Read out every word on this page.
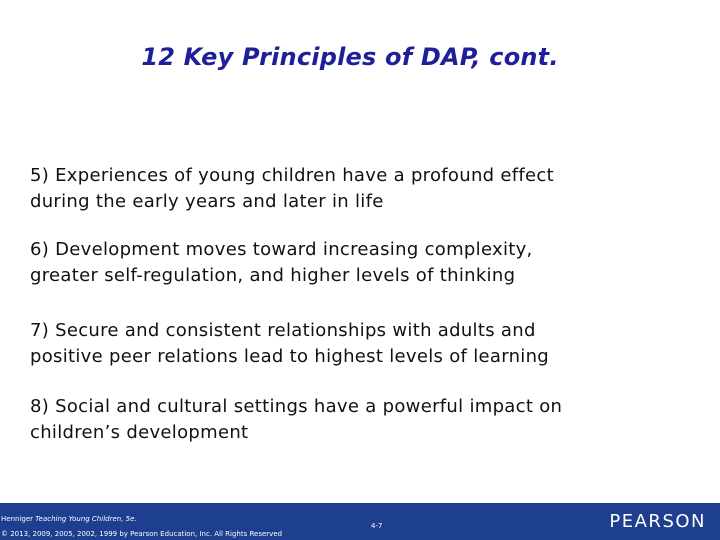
12 Key Principles of DAP, cont.
5) Experiences of young children have a profound effect
during the early years and later in life
6) Development moves toward increasing complexity,
greater self-regulation, and higher levels of thinking
7) Secure and consistent relationships with adults and
positive peer relations lead to highest levels of learning
8) Social and cultural settings have a powerful impact on
children’s development
Henniger Teaching Young Children, 5e.
© 2013, 2009, 2005, 2002, 1999 by Pearson Education, Inc. All Rights Reserved
4-7	PEARSON
